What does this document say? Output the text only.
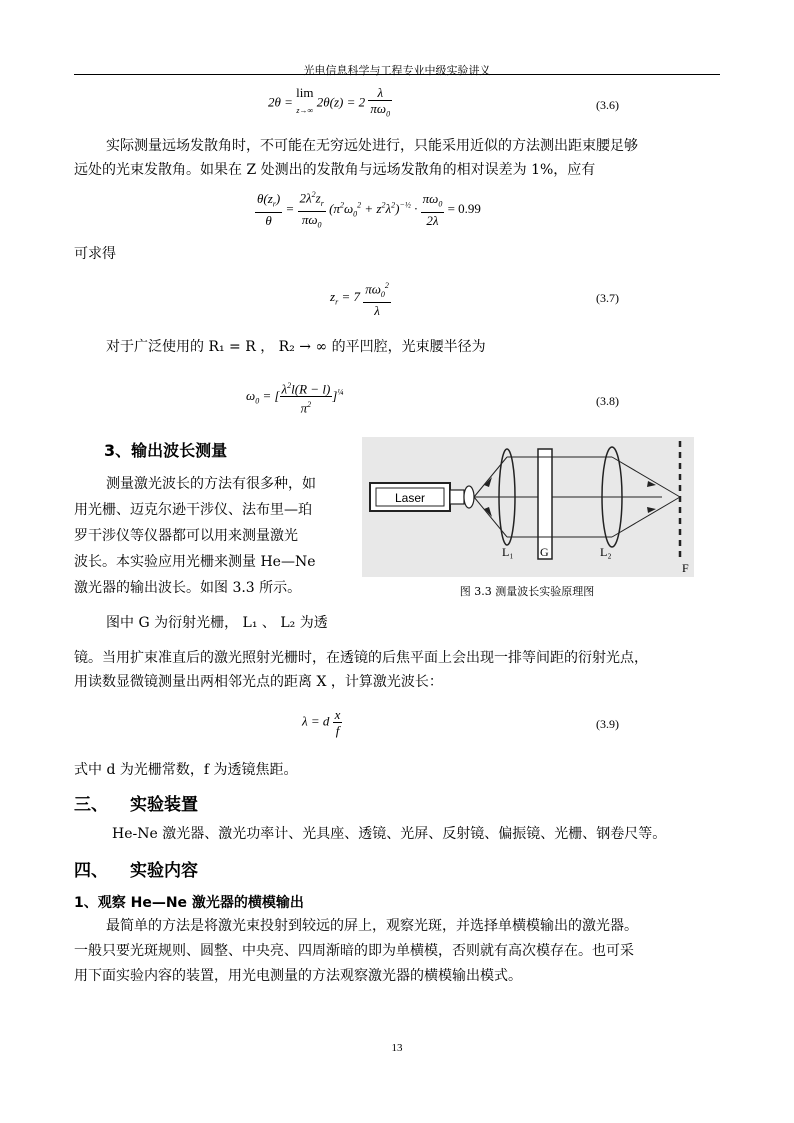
光电信息科学与工程专业中级实验讲义
2θ = lim
z→∞ $2\theta(z) = 2 \frac{\lambda}{\pi\omega_0}$	(3.6)
实际测量远场发散角时，不可能在无穷远处进行，只能采用近似的方法测出距束腰足够
远处的光束发散角。如果在 Z 处测出的发散角与远场发散角的相对误差为 1%，应有
$\frac{\theta(z_r)}{\theta} = \frac{2\lambda^2z_r}{\pi\omega_0} (\pi^2\omega_0^2 + z^2\lambda^2)^{-\frac{1}{2}} \cdot \frac{\pi\omega_0}{2\lambda} = 0.99$
可求得
$z_r = 7 \frac{\pi\omega_0^2}{\lambda}$	(3.7)
对于广泛使用的 R₁ = R ， R₂ → ∞ 的平凹腔，光束腰半径为
$\omega_0$ = [ $\frac{\lambda^2l(R - l)}{\pi^2} ]^{\frac{1}{4}}$
(3.8)
3、输出波长测量
测量激光波长的方法有很多种，如
用光栅、迈克尔逊干涉仪、法布里—珀
罗干涉仪等仪器都可以用来测量激光
波长。本实验应用光栅来测量 He—Ne
激光器的输出波长。如图 3.3 所示。
图中 G 为衍射光栅， L₁ 、 L₂ 为透
Laser
L₁ G	L₂
F
图 3.3 测量波长实验原理图
镜。当用扩束准直后的激光照射光栅时，在透镜的后焦平面上会出现一排等间距的衍射光点，
用读数显微镜测量出两相邻光点的距离 X ，计算激光波长：
λ = d $\frac{x}{f}$	(3.9)
式中 d 为光栅常数，f 为透镜焦距。
三、 实验装置
He-Ne 激光器、激光功率计、光具座、透镜、光屏、反射镜、偏振镜、光栅、钢卷尺等。
四、 实验内容
1、观察 He—Ne 激光器的横模输出
最简单的方法是将激光束投射到较远的屏上，观察光斑，并选择单横模输出的激光器。
一般只要光斑规则、圆整、中央亮、四周渐暗的即为单横模，否则就有高次模存在。也可采
用下面实验内容的装置，用光电测量的方法观察激光器的横模输出模式。
13
